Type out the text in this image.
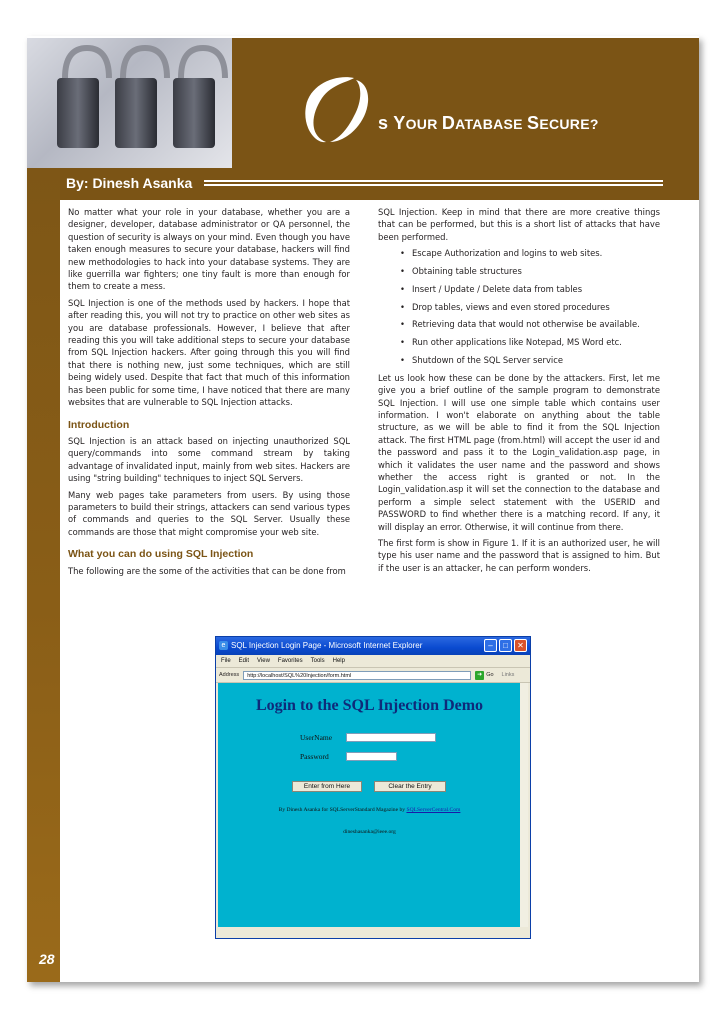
s YOUR DATABASE SECURE?
By: Dinesh Asanka

No matter what your role in your database, whether you are a designer, developer, database administrator or QA personnel, the question of security is always on your mind. Even though you have taken enough measures to secure your database, hackers will find new methodologies to hack into your database systems. They are like guerrilla war fighters; one tiny fault is more than enough for them to create a mess.

SQL Injection is one of the methods used by hackers. I hope that after reading this, you will not try to practice on other web sites as you are database professionals. However, I believe that after reading this you will take additional steps to secure your database from SQL Injection hackers. After going through this you will find that there is nothing new, just some techniques, which are still being widely used. Despite that fact that much of this information has been public for some time, I have noticed that there are many websites that are vulnerable to SQL Injection attacks.

Introduction

SQL Injection is an attack based on injecting unauthorized SQL query/commands into some command stream by taking advantage of invalidated input, mainly from web sites. Hackers are using "string building" techniques to inject SQL Servers.

Many web pages take parameters from users. By using those parameters to build their strings, attackers can send various types of commands and queries to the SQL Server. Usually these commands are those that might compromise your web site.

What you can do using SQL Injection

The following are the some of the activities that can be done from

SQL Injection. Keep in mind that there are more creative things that can be performed, but this is a short list of attacks that have been performed.

• Escape Authorization and logins to web sites.
• Obtaining table structures
• Insert / Update / Delete data from tables
• Drop tables, views and even stored procedures
• Retrieving data that would not otherwise be available.
• Run other applications like Notepad, MS Word etc.
• Shutdown of the SQL Server service

Let us look how these can be done by the attackers. First, let me give you a brief outline of the sample program to demonstrate SQL Injection. I will use one simple table which contains user information. I won't elaborate on anything about the table structure, as we will be able to find it from the SQL Injection attack. The first HTML page (from.html) will accept the user id and the password and pass it to the Login_validation.asp page, in which it validates the user name and the password and shows whether the access right is granted or not. In the Login_validation.asp it will set the connection to the database and perform a simple select statement with the USERID and PASSWORD to find whether there is a matching record. If any, it will display an error. Otherwise, it will continue from there.

The first form is show in Figure 1. If it is an authorized user, he will type his user name and the password that is assigned to him. But if the user is an attacker, he can perform wonders.

e SQL Injection Login Page - Microsoft Internet Explorer	–	□	✕
File Edit View Favorites Tools Help
Address	http://localhost/SQL%20Injection/form.html	➜ Go Links
Login to the SQL Injection Demo
UserName
Password
Enter from Here	Clear the Entry
By Dinesh Asanka for SQLServerStandard Magazine by SQLServerCentral.Com
dineshasanka@ieee.org
28
